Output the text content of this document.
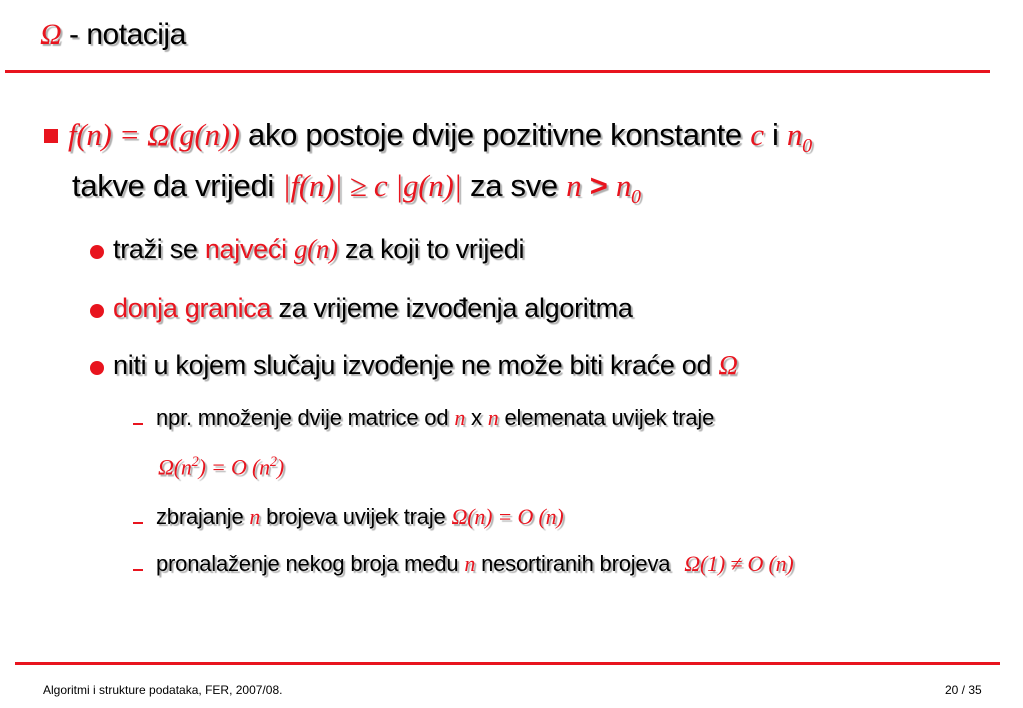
Ω - notacija
f(n) = Ω(g(n)) ako postoje dvije pozitivne konstante c i $n_0$
takve da vrijedi |f(n)| ≥ c |g(n)| za sve $n > n_0$
traži se najveći g(n) za koji to vrijedi
donja granica za vrijeme izvođenja algoritma
niti u kojem slučaju izvođenje ne može biti kraće od Ω
npr. množenje dvije matrice od n x n elemenata uvijek traje
$\Omega(n^2) = O$ $(n^2)$
zbrajanje n brojeva uvijek traje Ω(n) = O (n)
pronalaženje nekog broja među n nesortiranih brojeva Ω(1) ≠ O (n)
Algoritmi i strukture podataka, FER, 2007/08.	20 / 35
